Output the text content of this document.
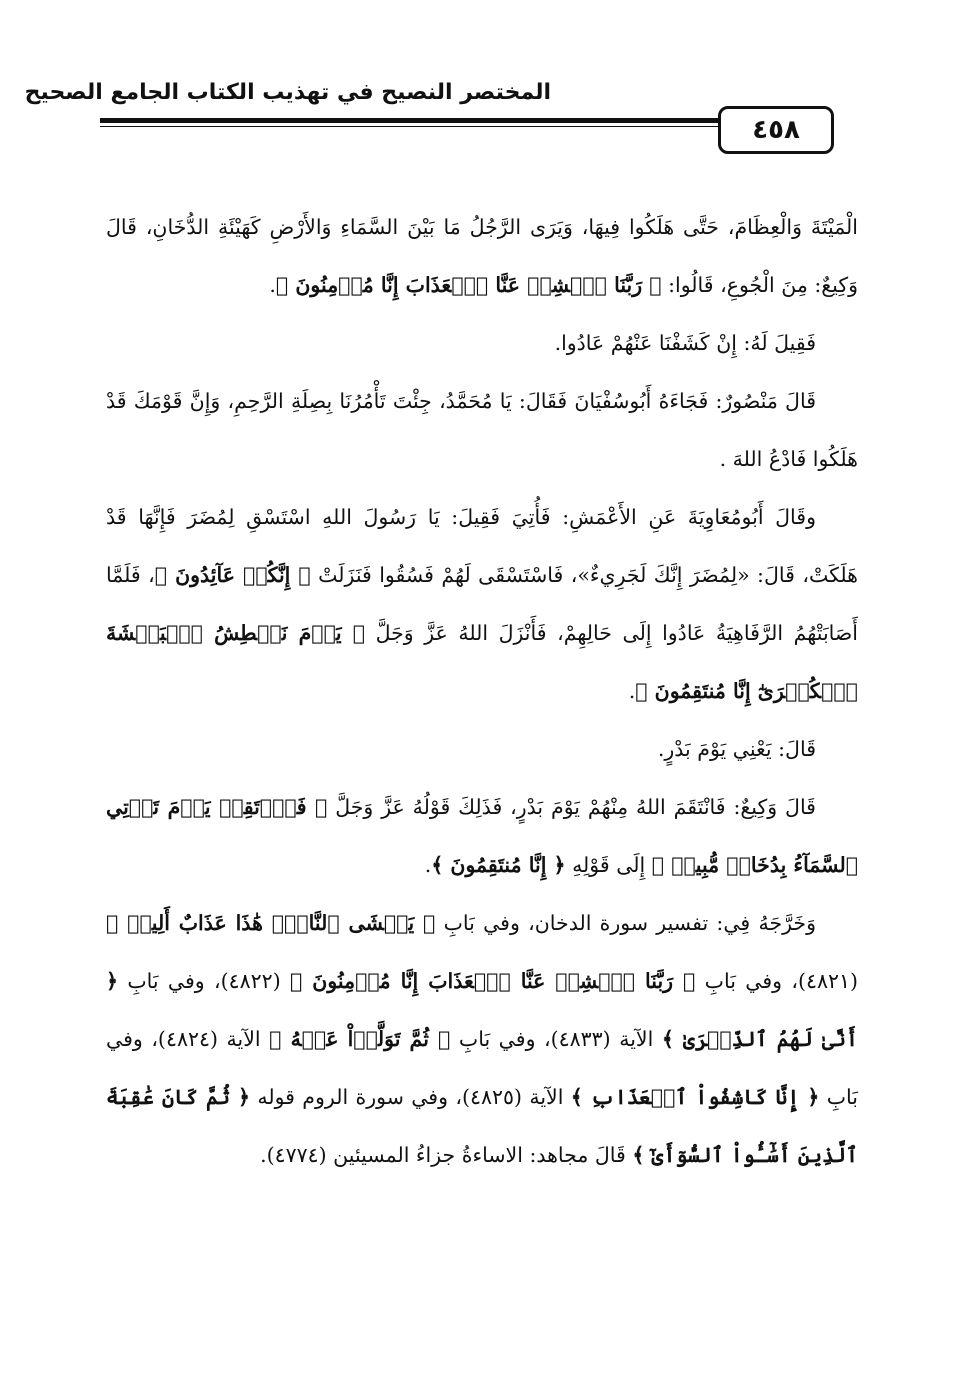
المختصر النصيح في تهذيب الكتاب الجامع الصحيح
٤٥٨

الْمَيْتَةَ وَالْعِظَامَ، حَتَّى هَلَكُوا فِيهَا، وَيَرَى الرَّجُلُ مَا بَيْنَ السَّمَاءِ وَالأَرْضِ كَهَيْئَةِ الدُّخَانِ، قَالَ وَكِيعٌ: مِنَ الْجُوعِ، قَالُوا: ﴿ رَبَّنَا ٱكۡشِفۡ عَنَّا ٱلۡعَذَابَ إِنَّا مُؤۡمِنُونَ ﴾.

فَقِيلَ لَهُ: إِنْ كَشَفْنَا عَنْهُمْ عَادُوا.

قَالَ مَنْصُورٌ: فَجَاءَهُ أَبُوسُفْيَانَ فَقَالَ: يَا مُحَمَّدُ، جِئْتَ تَأْمُرُنَا بِصِلَةِ الرَّحِمِ، وَإِنَّ قَوْمَكَ قَدْ هَلَكُوا فَادْعُ اللهَ .

وقَالَ أَبُومُعَاوِيَةَ عَنِ الأَعْمَشِ: فَأُتِيَ فَقِيلَ: يَا رَسُولَ اللهِ اسْتَسْقِ لِمُضَرَ فَإِنَّهَا قَدْ هَلَكَتْ، قَالَ: «لِمُضَرَ إِنَّكَ لَجَرِيءٌ»، فَاسْتَسْقَى لَهُمْ فَسُقُوا فَنَزَلَتْ ﴿ إِنَّكُمۡ عَآئِدُونَ ﴾، فَلَمَّا أَصَابَتْهُمُ الرَّفَاهِيَةُ عَادُوا إِلَى حَالِهِمْ، فَأَنْزَلَ اللهُ عَزَّ وَجَلَّ ﴿ يَوۡمَ نَبۡطِشُ ٱلۡبَطۡشَةَ ٱلۡكُبۡرَىٰٓ إِنَّا مُنتَقِمُونَ ﴾.

قَالَ: يَعْنِي يَوْمَ بَدْرٍ.

قَالَ وَكِيعٌ: فَانْتَقَمَ اللهُ مِنْهُمْ يَوْمَ بَدْرٍ، فَذَلِكَ قَوْلُهُ عَزَّ وَجَلَّ ﴿ فَٱرۡتَقِبۡ يَوۡمَ تَأۡتِي ٱلسَّمَآءُ بِدُخَانٖ مُّبِينٖ ﴾ إِلَى قَوْلِهِ ﴿ إِنَّا مُنتَقِمُونَ ﴾.

وَخَرَّجَهُ فِي: تفسير سورة الدخان، وفي بَابِ ﴿ يَغۡشَى ٱلنَّاسَۖ هَٰذَا عَذَابٌ أَلِيمٞ ﴾ (٤٨٢١)، وفي بَابِ ﴿ رَبَّنَا ٱكۡشِفۡ عَنَّا ٱلۡعَذَابَ إِنَّا مُؤۡمِنُونَ ﴾ (٤٨٢٢)، وفي بَابِ ﴿ أَنَّىٰ لَهُمُ ٱلذِّكۡرَىٰ ﴾ الآية (٤٨٣٣)، وفي بَابِ ﴿ ثُمَّ تَوَلَّوۡاْ عَنۡهُ ﴾ الآية (٤٨٢٤)، وفي بَابِ ﴿ إِنَّا كَاشِفُواْ ٱلۡعَذَابِ ﴾ الآية (٤٨٢٥)، وفي سورة الروم قوله ﴿ ثُمَّ كَانَ عَٰقِبَةَ ٱلَّذِينَ أَسَٰٓـُٔواْ ٱلسُّوٓأَىٰٓ ﴾ قَالَ مجاهد: الاساءةُ جزاءُ المسيئين (٤٧٧٤).
